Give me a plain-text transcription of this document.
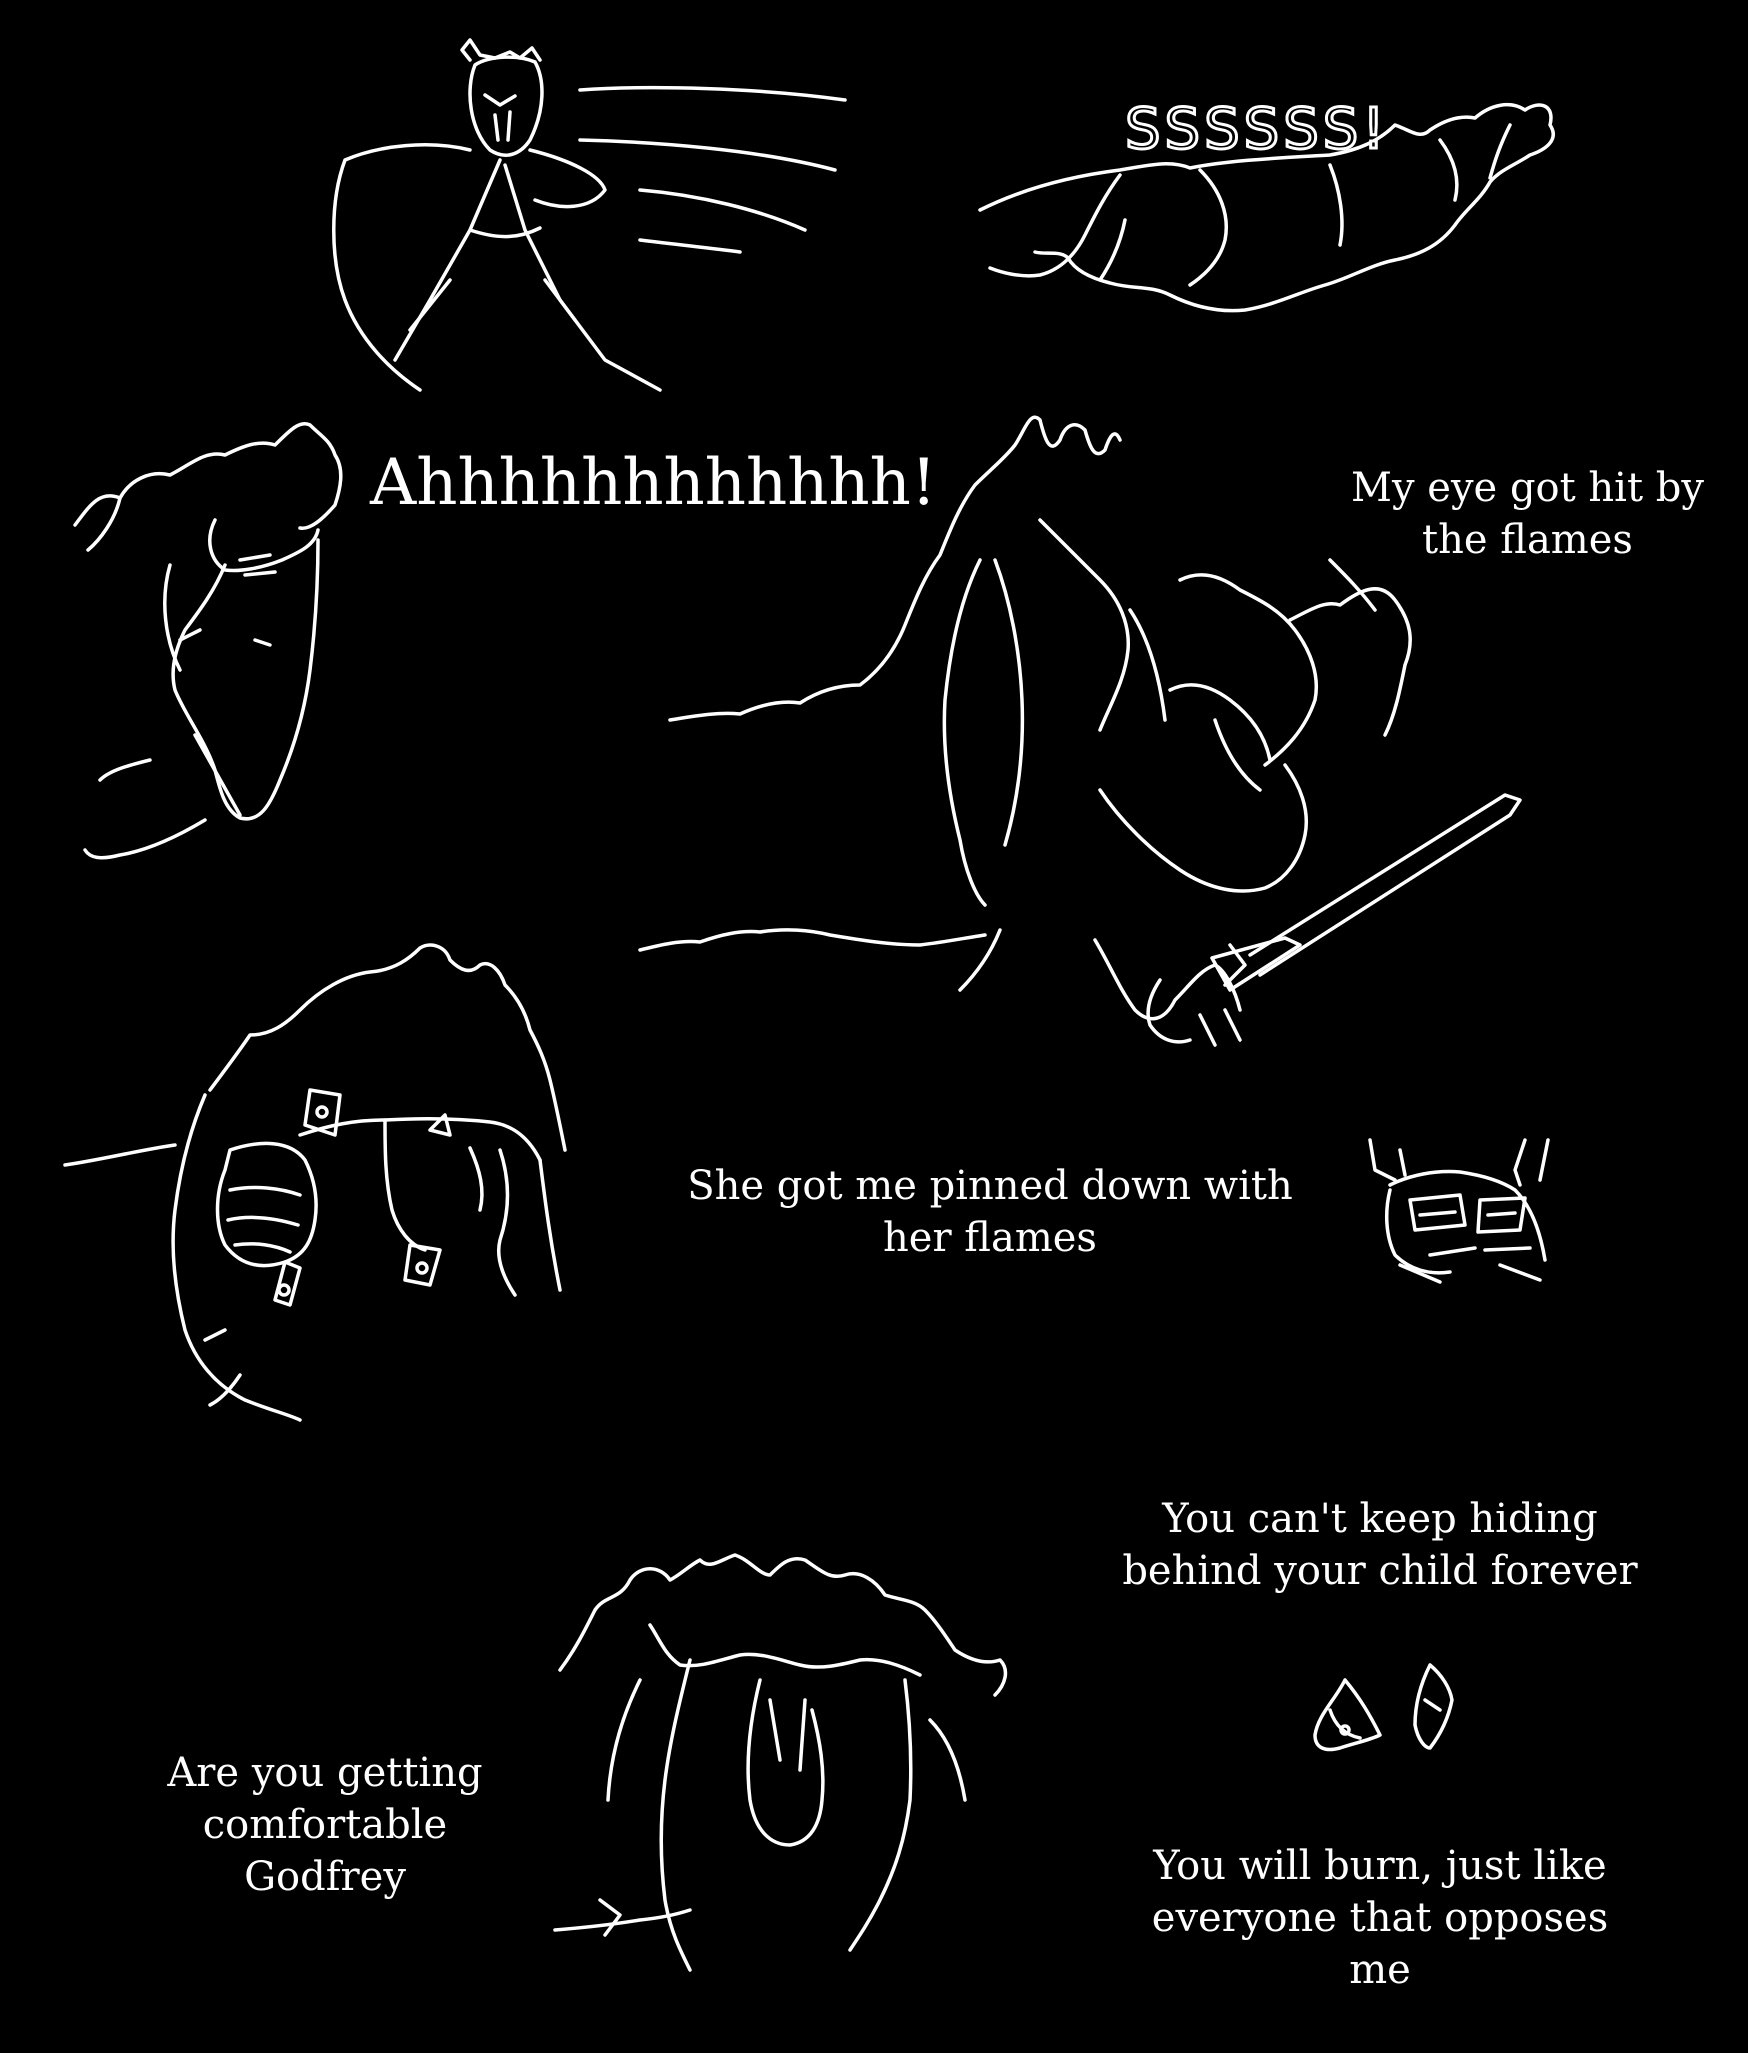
SSSSSS!

Ahhhhhhhhhhhh!	My eye got hit by
the flames

She got me pinned down with
her flames

You can't keep hiding
behind your child forever

Are you getting comfortable
Godfrey	You will burn, just like
everyone that opposes
me
